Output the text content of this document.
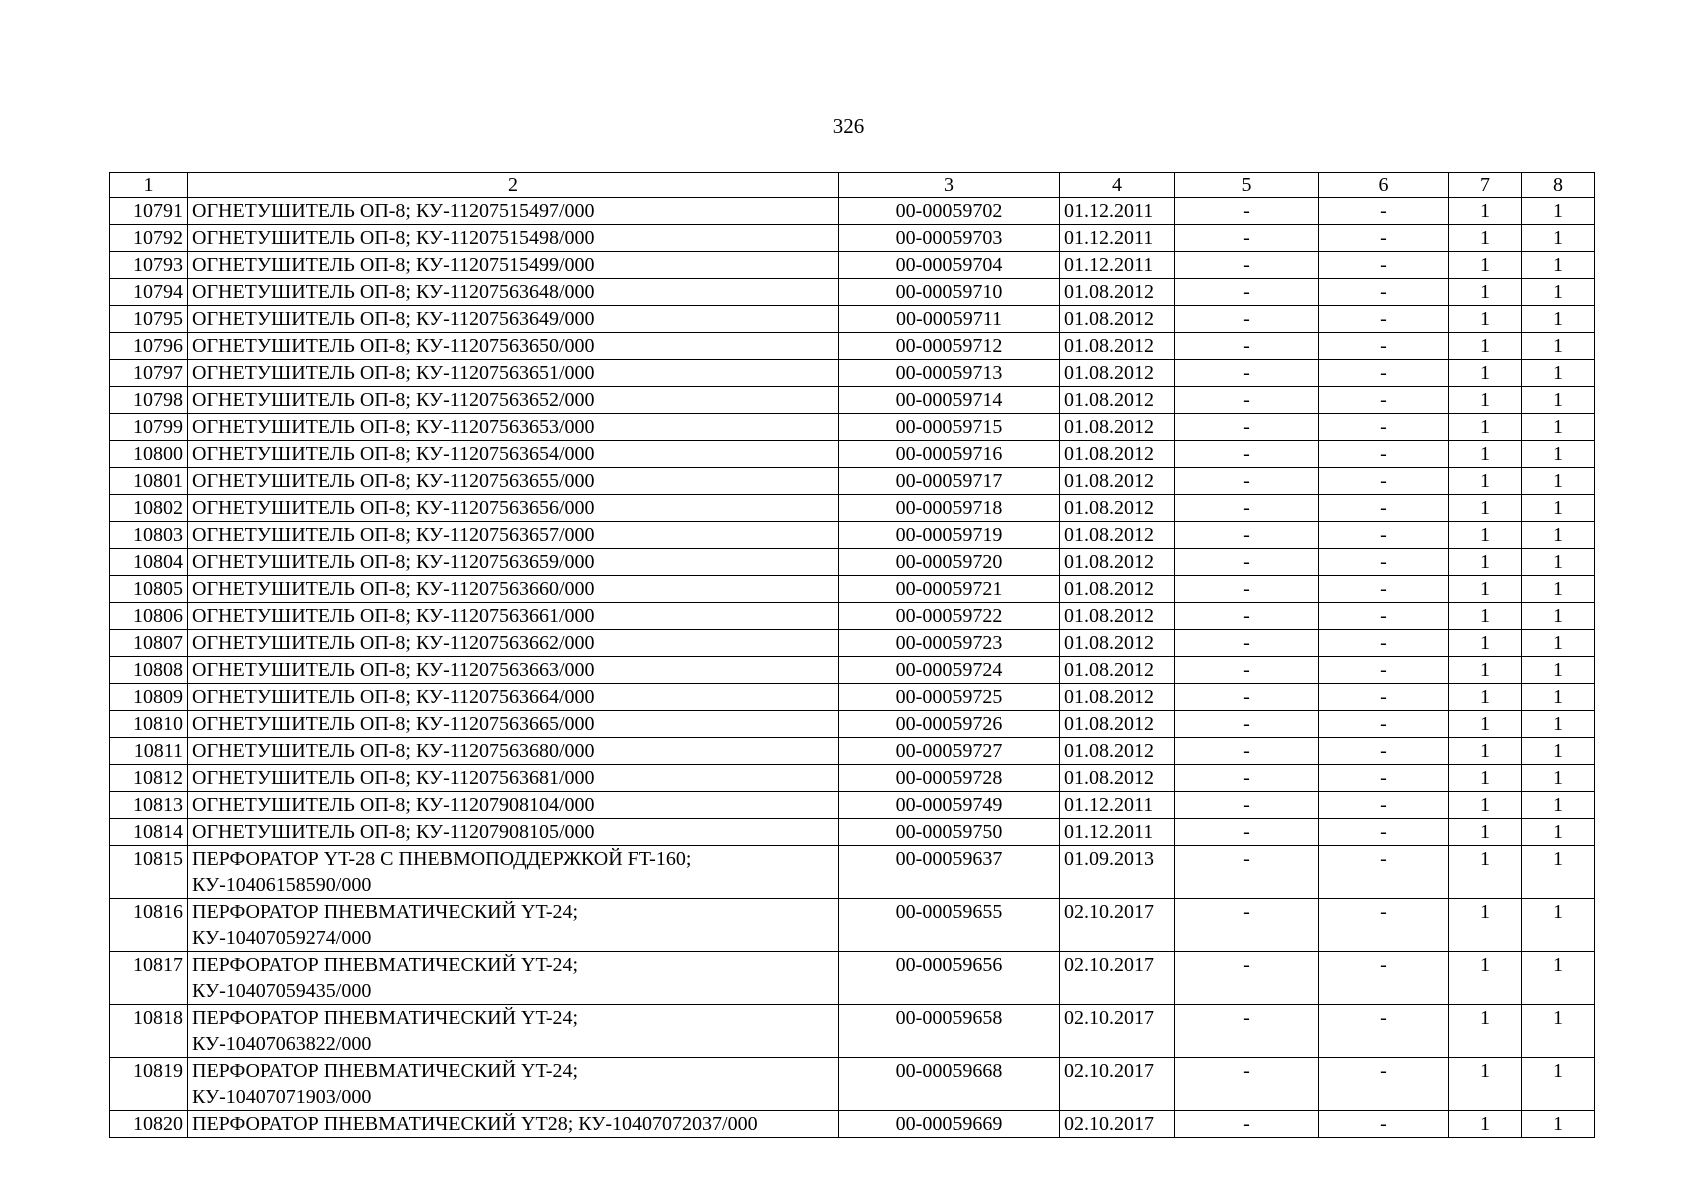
326
1	2	3	4	5	6	7	8
10791	ОГНЕТУШИТЕЛЬ ОП-8; КУ-11207515497/000	00-00059702	01.12.2011	-	-	1	1
10792	ОГНЕТУШИТЕЛЬ ОП-8; КУ-11207515498/000	00-00059703	01.12.2011	-	-	1	1
10793	ОГНЕТУШИТЕЛЬ ОП-8; КУ-11207515499/000	00-00059704	01.12.2011	-	-	1	1
10794	ОГНЕТУШИТЕЛЬ ОП-8; КУ-11207563648/000	00-00059710	01.08.2012	-	-	1	1
10795	ОГНЕТУШИТЕЛЬ ОП-8; КУ-11207563649/000	00-00059711	01.08.2012	-	-	1	1
10796	ОГНЕТУШИТЕЛЬ ОП-8; КУ-11207563650/000	00-00059712	01.08.2012	-	-	1	1
10797	ОГНЕТУШИТЕЛЬ ОП-8; КУ-11207563651/000	00-00059713	01.08.2012	-	-	1	1
10798	ОГНЕТУШИТЕЛЬ ОП-8; КУ-11207563652/000	00-00059714	01.08.2012	-	-	1	1
10799	ОГНЕТУШИТЕЛЬ ОП-8; КУ-11207563653/000	00-00059715	01.08.2012	-	-	1	1
10800	ОГНЕТУШИТЕЛЬ ОП-8; КУ-11207563654/000	00-00059716	01.08.2012	-	-	1	1
10801	ОГНЕТУШИТЕЛЬ ОП-8; КУ-11207563655/000	00-00059717	01.08.2012	-	-	1	1
10802	ОГНЕТУШИТЕЛЬ ОП-8; КУ-11207563656/000	00-00059718	01.08.2012	-	-	1	1
10803	ОГНЕТУШИТЕЛЬ ОП-8; КУ-11207563657/000	00-00059719	01.08.2012	-	-	1	1
10804	ОГНЕТУШИТЕЛЬ ОП-8; КУ-11207563659/000	00-00059720	01.08.2012	-	-	1	1
10805	ОГНЕТУШИТЕЛЬ ОП-8; КУ-11207563660/000	00-00059721	01.08.2012	-	-	1	1
10806	ОГНЕТУШИТЕЛЬ ОП-8; КУ-11207563661/000	00-00059722	01.08.2012	-	-	1	1
10807	ОГНЕТУШИТЕЛЬ ОП-8; КУ-11207563662/000	00-00059723	01.08.2012	-	-	1	1
10808	ОГНЕТУШИТЕЛЬ ОП-8; КУ-11207563663/000	00-00059724	01.08.2012	-	-	1	1
10809	ОГНЕТУШИТЕЛЬ ОП-8; КУ-11207563664/000	00-00059725	01.08.2012	-	-	1	1
10810	ОГНЕТУШИТЕЛЬ ОП-8; КУ-11207563665/000	00-00059726	01.08.2012	-	-	1	1
10811	ОГНЕТУШИТЕЛЬ ОП-8; КУ-11207563680/000	00-00059727	01.08.2012	-	-	1	1
10812	ОГНЕТУШИТЕЛЬ ОП-8; КУ-11207563681/000	00-00059728	01.08.2012	-	-	1	1
10813	ОГНЕТУШИТЕЛЬ ОП-8; КУ-11207908104/000	00-00059749	01.12.2011	-	-	1	1
10814	ОГНЕТУШИТЕЛЬ ОП-8; КУ-11207908105/000	00-00059750	01.12.2011	-	-	1	1
10815	ПЕРФОРАТОР YT-28 С ПНЕВМОПОДДЕРЖКОЙ FT-160;
КУ-10406158590/000	00-00059637	01.09.2013	-	-	1	1
10816	ПЕРФОРАТОР ПНЕВМАТИЧЕСКИЙ YT-24;
КУ-10407059274/000	00-00059655	02.10.2017	-	-	1	1
10817	ПЕРФОРАТОР ПНЕВМАТИЧЕСКИЙ YT-24;
КУ-10407059435/000	00-00059656	02.10.2017	-	-	1	1
10818	ПЕРФОРАТОР ПНЕВМАТИЧЕСКИЙ YT-24;
КУ-10407063822/000	00-00059658	02.10.2017	-	-	1	1
10819	ПЕРФОРАТОР ПНЕВМАТИЧЕСКИЙ YT-24;
КУ-10407071903/000	00-00059668	02.10.2017	-	-	1	1
10820	ПЕРФОРАТОР ПНЕВМАТИЧЕСКИЙ YT28; КУ-10407072037/000	00-00059669	02.10.2017	-	-	1	1
